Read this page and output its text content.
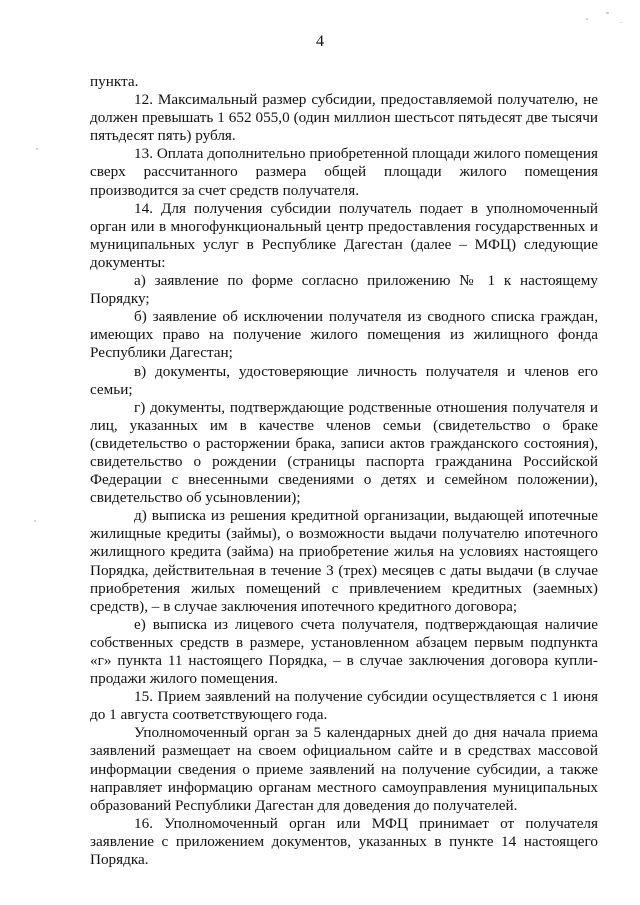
4

пункта.

12. Максимальный размер субсидии, предоставляемой получателю, не должен превышать 1 652 055,0 (один миллион шестьсот пятьдесят две тысячи пятьдесят пять) рубля.

13. Оплата дополнительно приобретенной площади жилого помещения сверх рассчитанного размера общей площади жилого помещения производится за счет средств получателя.

14. Для получения субсидии получатель подает в уполномоченный орган или в многофункциональный центр предоставления государственных и муниципальных услуг в Республике Дагестан (далее – МФЦ) следующие документы:

а) заявление по форме согласно приложению № 1 к настоящему Порядку;

б) заявление об исключении получателя из сводного списка граждан, имеющих право на получение жилого помещения из жилищного фонда Республики Дагестан;

в) документы, удостоверяющие личность получателя и членов его семьи;

г) документы, подтверждающие родственные отношения получателя и лиц, указанных им в качестве членов семьи (свидетельство о браке (свидетельство о расторжении брака, записи актов гражданского состояния), свидетельство о рождении (страницы паспорта гражданина Российской Федерации с внесенными сведениями о детях и семейном положении), свидетельство об усыновлении);

д) выписка из решения кредитной организации, выдающей ипотечные жилищные кредиты (займы), о возможности выдачи получателю ипотечного жилищного кредита (займа) на приобретение жилья на условиях настоящего Порядка, действительная в течение 3 (трех) месяцев с даты выдачи (в случае приобретения жилых помещений с привлечением кредитных (заемных) средств), – в случае заключения ипотечного кредитного договора;

е) выписка из лицевого счета получателя, подтверждающая наличие собственных средств в размере, установленном абзацем первым подпункта «г» пункта 11 настоящего Порядка, – в случае заключения договора купли-продажи жилого помещения.

15. Прием заявлений на получение субсидии осуществляется с 1 июня до 1 августа соответствующего года.

Уполномоченный орган за 5 календарных дней до дня начала приема заявлений размещает на своем официальном сайте и в средствах массовой информации сведения о приеме заявлений на получение субсидии, а также направляет информацию органам местного самоуправления муниципальных образований Республики Дагестан для доведения до получателей.

16. Уполномоченный орган или МФЦ принимает от получателя заявление с приложением документов, указанных в пункте 14 настоящего Порядка.
